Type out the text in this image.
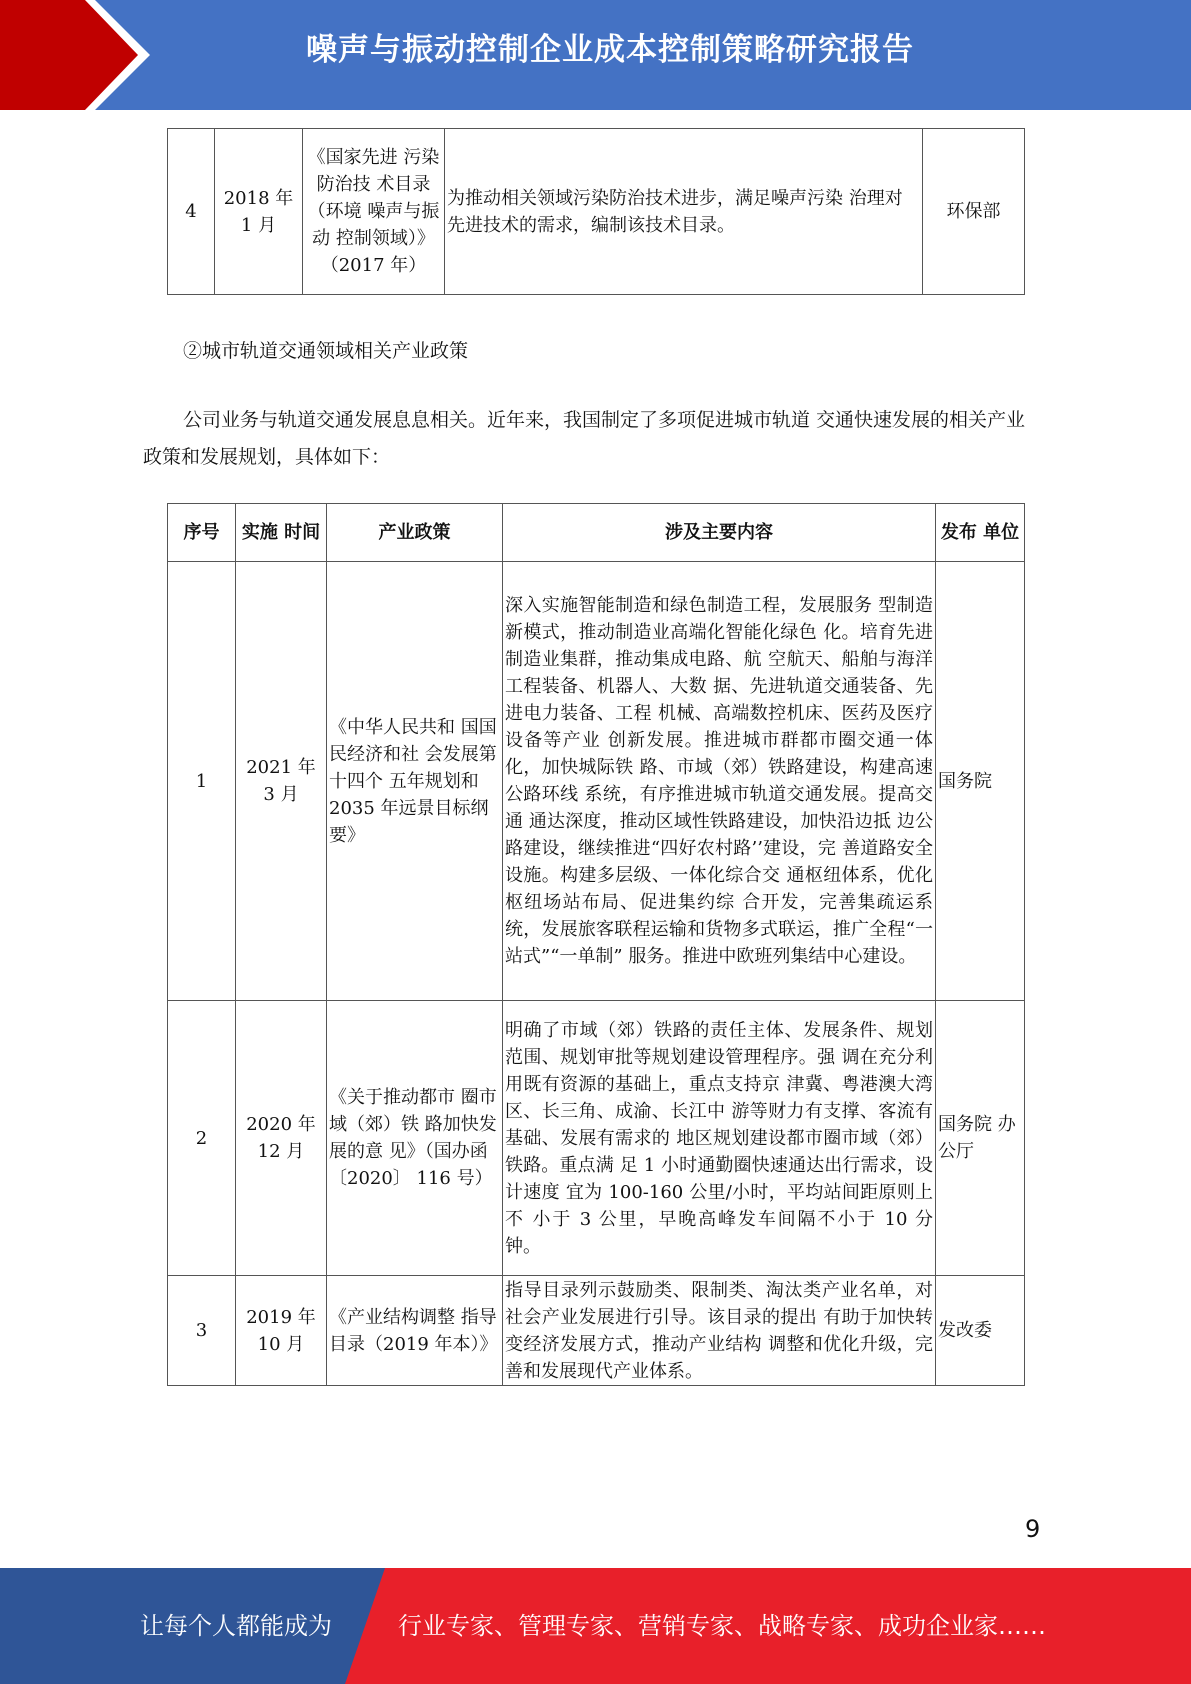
噪声与振动控制企业成本控制策略研究报告
4	2018 年 1 月	《国家先进 污染防治技 术目录（环境 噪声与振动 控制领域）》（2017 年）	为推动相关领域污染防治技术进步，满足噪声污染 治理对先进技术的需求，编制该技术目录。	环保部
②城市轨道交通领域相关产业政策
公司业务与轨道交通发展息息相关。近年来，我国制定了多项促进城市轨道 交通快速发展的相关产业政策和发展规划，具体如下：
序号	实施 时间	产业政策	涉及主要内容	发布 单位
1	2021 年 3 月	《中华人民共和 国国民经济和社 会发展第十四个 五年规划和 2035 年远景目标纲 要》	深入实施智能制造和绿色制造工程，发展服务 型制造新模式，推动制造业高端化智能化绿色 化。培育先进制造业集群，推动集成电路、航 空航天、船舶与海洋工程装备、机器人、大数 据、先进轨道交通装备、先进电力装备、工程 机械、高端数控机床、医药及医疗设备等产业 创新发展。推进城市群都市圈交通一体化，加快城际铁 路、市域（郊）铁路建设，构建高速公路环线 系统，有序推进城市轨道交通发展。提高交通 通达深度，推动区域性铁路建设，加快沿边抵 边公路建设，继续推进“四好农村路’’建设，完 善道路安全设施。构建多层级、一体化综合交 通枢纽体系，优化枢纽场站布局、促进集约综 合开发，完善集疏运系统，发展旅客联程运输和货物多式联运，推广全程“一站式”“一单制” 服务。推进中欧班列集结中心建设。	国务院
2	2020 年 12 月	《关于推动都市 圈市域（郊）铁 路加快发展的意 见》（国办函〔2020〕 116 号）	明确了市域（郊）铁路的责任主体、发展条件、规划范围、规划审批等规划建设管理程序。强 调在充分利用既有资源的基础上，重点支持京 津冀、粤港澳大湾区、长三角、成渝、长江中 游等财力有支撑、客流有基础、发展有需求的 地区规划建设都市圈市域（郊）铁路。重点满 足 1 小时通勤圈快速通达出行需求，设计速度 宜为 100-160 公里/小时，平均站间距原则上不 小于 3 公里，早晚高峰发车间隔不小于 10 分 钟。	国务院 办公厅
3	2019 年 10 月	《产业结构调整 指导目录（2019 年本）》	指导目录列示鼓励类、限制类、淘汰类产业名单，对社会产业发展进行引导。该目录的提出 有助于加快转变经济发展方式，推动产业结构 调整和优化升级，完善和发展现代产业体系。	发改委
9
让每个人都能成为	行业专家、管理专家、营销专家、战略专家、成功企业家……
